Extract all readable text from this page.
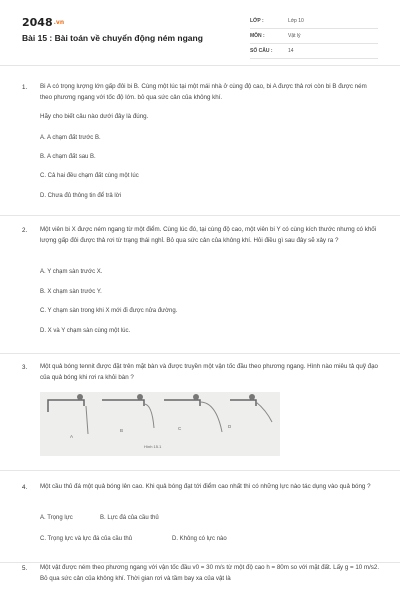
2048.vn
Bài 15 : Bài toán về chuyển động ném ngang
LỚP :	Lớp 10
MÔN :	Vật lý
SỐ CÂU :	14
1. Bi A có trọng lượng lớn gấp đôi bi B. Cùng một lúc tại một mái nhà ở cùng độ cao, bi A được thả rơi còn bi B được ném theo phương ngang với tốc độ lớn. bỏ qua sức cản của không khí.
Hãy cho biết câu nào dưới đây là đúng.
A. A chạm đất trước B.
B. A chạm đất sau B.
C. Cả hai đều chạm đất cùng một lúc
D. Chưa đủ thông tin để trả lời
2. Một viên bi X được ném ngang từ một điểm. Cùng lúc đó, tại cùng độ cao, một viên bi Y có cùng kích thước nhưng có khối lượng gấp đôi được thả rơi từ trạng thái nghỉ. Bỏ qua sức cản của không khí. Hỏi điều gì sau đây sẽ xảy ra ?
A. Y chạm sàn trước X.
B. X chạm sàn trước Y.
C. Y chạm sàn trong khi X mới đi được nửa đường.
D. X và Y chạm sàn cùng một lúc.
3. Một quả bóng tennit được đặt trên mặt bàn và được truyền một vận tốc đầu theo phương ngang. Hình nào miêu tả quỹ đạo của quả bóng khi rơi ra khỏi bàn ?
A
B	C	D
Hình 15.1
4. Một cầu thủ đá một quả bóng lên cao. Khi quả bóng đạt tới điểm cao nhất thì có những lực nào tác dụng vào quả bóng ?
A. Trọng lực	B. Lực đá của cầu thủ
C. Trọng lực và lực đá của cầu thủ	D. Không có lực nào
5. Một vật được ném theo phương ngang với vận tốc đầu v0 = 30 m/s từ một độ cao h = 80m so với mặt đất. Lấy g = 10 m/s2. Bỏ qua sức cản của không khí. Thời gian rơi và tầm bay xa của vật là
